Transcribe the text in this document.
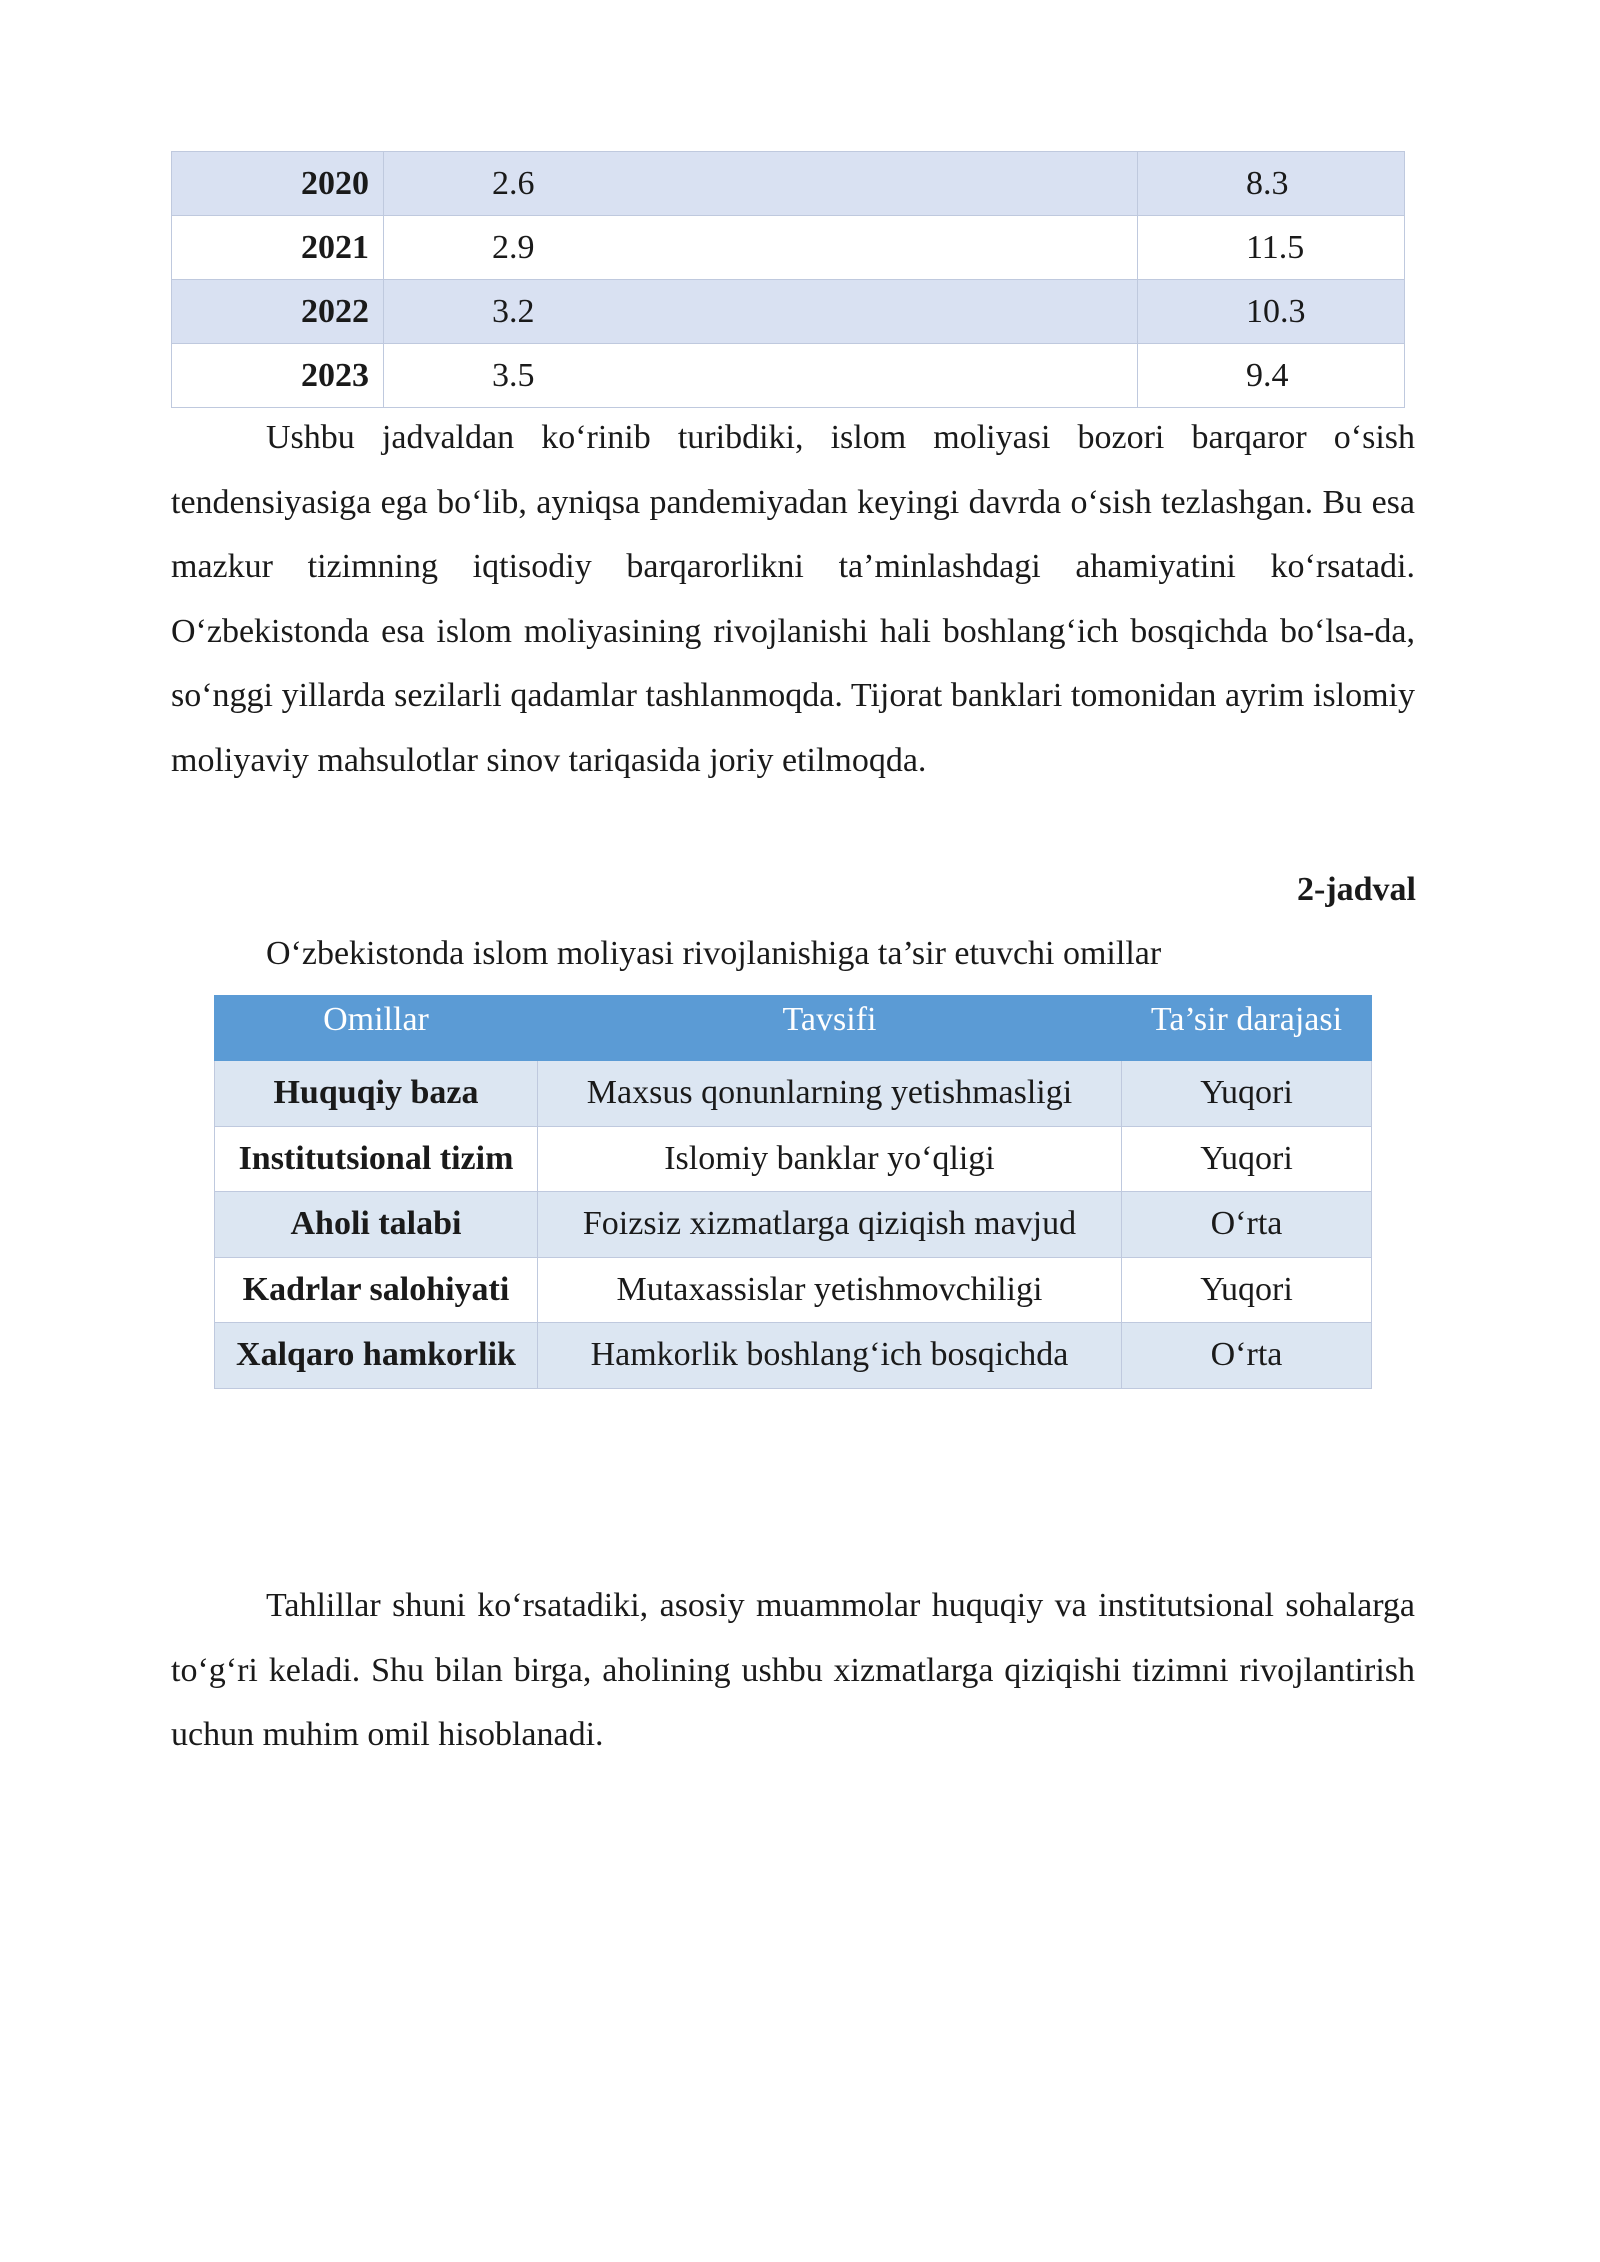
2020	2.6	8.3
2021	2.9	11.5
2022	3.2	10.3
2023	3.5	9.4

Ushbu jadvaldan ko‘rinib turibdiki, islom moliyasi bozori barqaror o‘sish tendensiyasiga ega bo‘lib, ayniqsa pandemiyadan keyingi davrda o‘sish tezlashgan. Bu esa mazkur tizimning iqtisodiy barqarorlikni ta’minlashdagi ahamiyatini ko‘rsatadi. O‘zbekistonda esa islom moliyasining rivojlanishi hali boshlang‘ich bosqichda bo‘lsa-da, so‘nggi yillarda sezilarli qadamlar tashlanmoqda. Tijorat banklari tomonidan ayrim islomiy moliyaviy mahsulotlar sinov tariqasida joriy etilmoqda.

2-jadval
O‘zbekistonda islom moliyasi rivojlanishiga ta’sir etuvchi omillar
Omillar	Tavsifi	Ta’sir darajasi

Huquqiy baza	Maxsus qonunlarning yetishmasligi	Yuqori

Institutsional tizim	Islomiy banklar yo‘qligi	Yuqori

Aholi talabi	Foizsiz xizmatlarga qiziqish mavjud	O‘rta

Kadrlar salohiyati	Mutaxassislar yetishmovchiligi	Yuqori

Xalqaro hamkorlik	Hamkorlik boshlang‘ich bosqichda	O‘rta

Tahlillar shuni ko‘rsatadiki, asosiy muammolar huquqiy va institutsional sohalarga to‘g‘ri keladi. Shu bilan birga, aholining ushbu xizmatlarga qiziqishi tizimni rivojlantirish uchun muhim omil hisoblanadi.
